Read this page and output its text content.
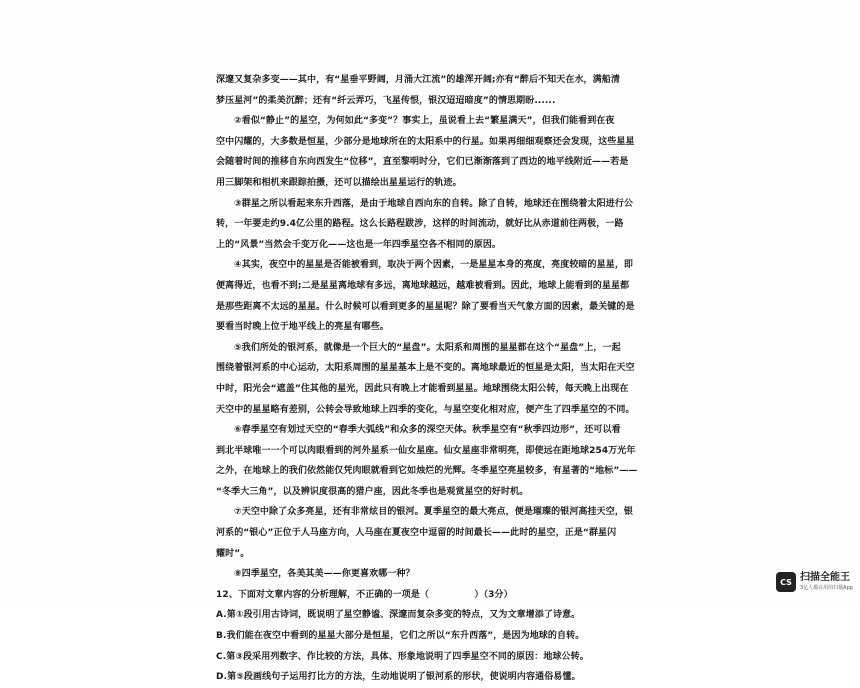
深邃又复杂多变——其中，有“星垂平野阔，月涌大江流”的雄浑开阔;亦有“醉后不知天在水，满船清
梦压星河”的柔美沉醉；还有“纤云弄巧，飞星传恨，银汉迢迢暗度”的情思期盼......
②看似“静止”的星空，为何如此“多变”？事实上，虽说看上去“繁星满天”，但我们能看到在夜
空中闪耀的，大多数是恒星，少部分是地球所在的太阳系中的行星。如果再细细观察还会发现，这些星星
会随着时间的推移自东向西发生“位移”，直至黎明时分，它们已渐渐落到了西边的地平线附近——若是
用三脚架和相机来跟踪拍摄，还可以描绘出星星运行的轨迹。
③群星之所以看起来东升西落，是由于地球自西向东的自转。除了自转，地球还在围绕着太阳进行公
转，一年要走约9.4亿公里的路程。这么长路程跋涉，这样的时间流动，就好比从赤道前往两极，一路
上的“风景”当然会千变万化——这也是一年四季星空各不相同的原因。
④其实，夜空中的星星是否能被看到，取决于两个因素，一是星星本身的亮度，亮度较暗的星星，即
便离得近，也看不到;二是星星离地球有多远，离地球越远，越难被看到。因此，地球上能看到的星星都
是那些距离不太远的星星。什么时候可以看到更多的星星呢？除了要看当天气象方面的因素，最关键的是
要看当时晚上位于地平线上的亮星有哪些。
⑤我们所处的银河系，就像是一个巨大的“星盘”。太阳系和周围的星星都在这个“星盘”上，一起
围绕着银河系的中心运动，太阳系周围的星星基本上是不变的。离地球最近的恒星是太阳，当太阳在天空
中时，阳光会“遮盖”住其他的星光，因此只有晚上才能看到星星。地球围绕太阳公转，每天晚上出现在
天空中的星星略有差别，公转会导致地球上四季的变化，与星空变化相对应，便产生了四季星空的不同。
⑥春季星空有划过天空的“春季大弧线”和众多的深空天体。秋季星空有“秋季四边形”，还可以看
到北半球唯一一个可以肉眼看到的河外星系一仙女星座。仙女星座非常明亮，即使远在距地球254万光年
之外，在地球上的我们依然能仅凭肉眼就看到它如烛烂的光辉。冬季星空亮星较多，有星著的“地标”——
“冬季大三角”，以及辨识度很高的猎户座，因此冬季也是观赏星空的好时机。
⑦天空中除了众多亮星，还有非常炫目的银河。夏季星空的最大亮点，便是璀璨的银河高挂天空，银
河系的“银心”正位于人马座方向，人马座在夏夜空中逗留的时间最长——此时的星空，正是“群星闪
耀时”。
⑧四季星空，各美其美——你更喜欢哪一种？
12、下面对文章内容的分析理解，不正确的一项是（　　　　　）（3分）
A.第①段引用古诗词，既说明了星空静谧、深邃而复杂多变的特点，又为文章增添了诗意。
B.我们能在夜空中看到的星星大部分是恒星，它们之所以“东升西落”，是因为地球的自转。
C.第③段采用列数字、作比较的方法，具体、形象地说明了四季星空不同的原因：地球公转。
D.第⑤段画线句子运用打比方的方法，生动地说明了银河系的形状，使说明内容通俗易懂。
CS 扫描全能王
3亿人都在用的扫描App
